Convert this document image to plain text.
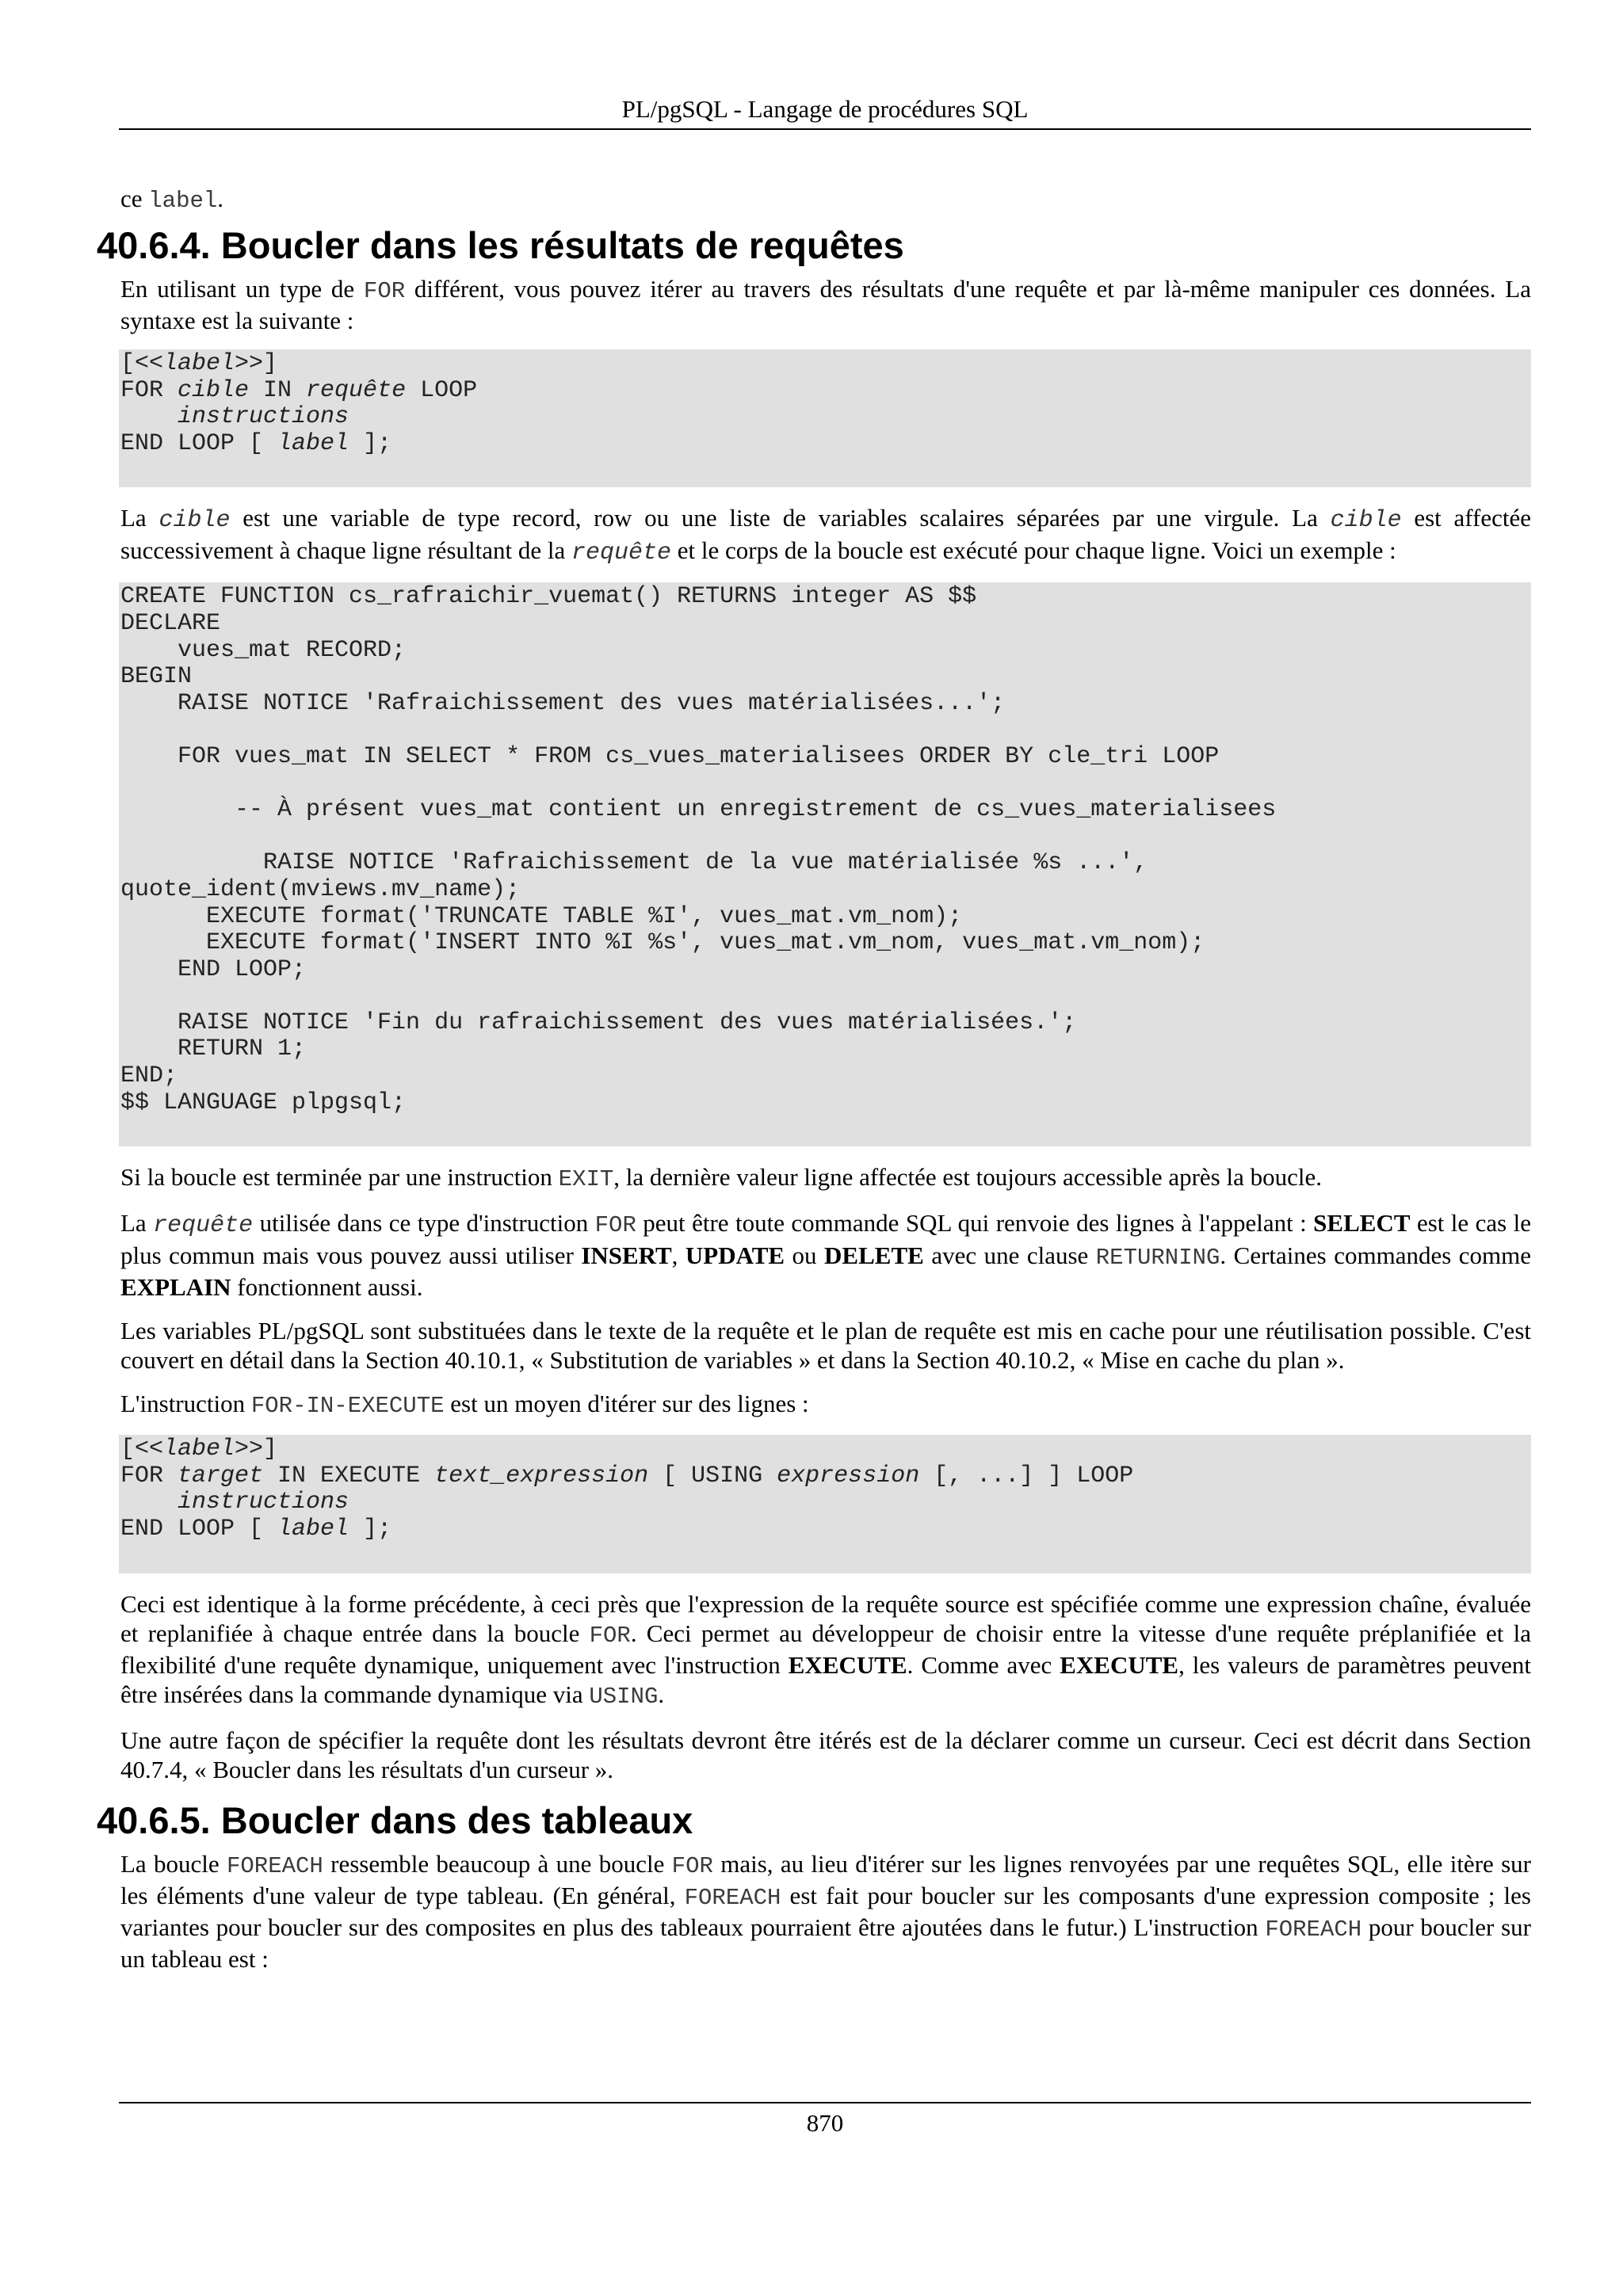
PL/pgSQL - Langage de procédures SQL
ce label.
40.6.4. Boucler dans les résultats de requêtes
En utilisant un type de FOR différent, vous pouvez itérer au travers des résultats d'une requête et par là-même manipuler ces données. La syntaxe est la suivante :
[<<label>>]
FOR cible IN requête LOOP
instructions
END LOOP [ label ];
La cible est une variable de type record, row ou une liste de variables scalaires séparées par une virgule. La cible est affectée successivement à chaque ligne résultant de la requête et le corps de la boucle est exécuté pour chaque ligne. Voici un exemple :
CREATE FUNCTION cs_rafraichir_vuemat() RETURNS integer AS $$
DECLARE
vues_mat RECORD;
BEGIN
RAISE NOTICE 'Rafraichissement des vues matérialisées...';

FOR vues_mat IN SELECT * FROM cs_vues_materialisees ORDER BY cle_tri LOOP

-- À présent vues_mat contient un enregistrement de cs_vues_materialisees

RAISE NOTICE 'Rafraichissement de la vue matérialisée %s ...',
quote_ident(mviews.mv_name);
EXECUTE format('TRUNCATE TABLE %I', vues_mat.vm_nom);
EXECUTE format('INSERT INTO %I %s', vues_mat.vm_nom, vues_mat.vm_nom);
END LOOP;

RAISE NOTICE 'Fin du rafraichissement des vues matérialisées.';
RETURN 1;
END;
$$ LANGUAGE plpgsql;
Si la boucle est terminée par une instruction EXIT, la dernière valeur ligne affectée est toujours accessible après la boucle.
La requête utilisée dans ce type d'instruction FOR peut être toute commande SQL qui renvoie des lignes à l'appelant : SELECT est le cas le plus commun mais vous pouvez aussi utiliser INSERT, UPDATE ou DELETE avec une clause RETURNING. Certaines commandes comme EXPLAIN fonctionnent aussi.
Les variables PL/pgSQL sont substituées dans le texte de la requête et le plan de requête est mis en cache pour une réutilisation possible. C'est couvert en détail dans la Section 40.10.1, « Substitution de variables » et dans la Section 40.10.2, « Mise en cache du plan ».
L'instruction FOR-IN-EXECUTE est un moyen d'itérer sur des lignes :
[<<label>>]
FOR target IN EXECUTE text_expression [ USING expression [, ...] ] LOOP
instructions
END LOOP [ label ];
Ceci est identique à la forme précédente, à ceci près que l'expression de la requête source est spécifiée comme une expression chaîne, évaluée et replanifiée à chaque entrée dans la boucle FOR. Ceci permet au développeur de choisir entre la vitesse d'une requête préplanifiée et la flexibilité d'une requête dynamique, uniquement avec l'instruction EXECUTE. Comme avec EXECUTE, les valeurs de paramètres peuvent être insérées dans la commande dynamique via USING.
Une autre façon de spécifier la requête dont les résultats devront être itérés est de la déclarer comme un curseur. Ceci est décrit dans Section 40.7.4, « Boucler dans les résultats d'un curseur ».
40.6.5. Boucler dans des tableaux
La boucle FOREACH ressemble beaucoup à une boucle FOR mais, au lieu d'itérer sur les lignes renvoyées par une requêtes SQL, elle itère sur les éléments d'une valeur de type tableau. (En général, FOREACH est fait pour boucler sur les composants d'une expression composite ; les variantes pour boucler sur des composites en plus des tableaux pourraient être ajoutées dans le futur.) L'instruction FOREACH pour boucler sur un tableau est :
870
